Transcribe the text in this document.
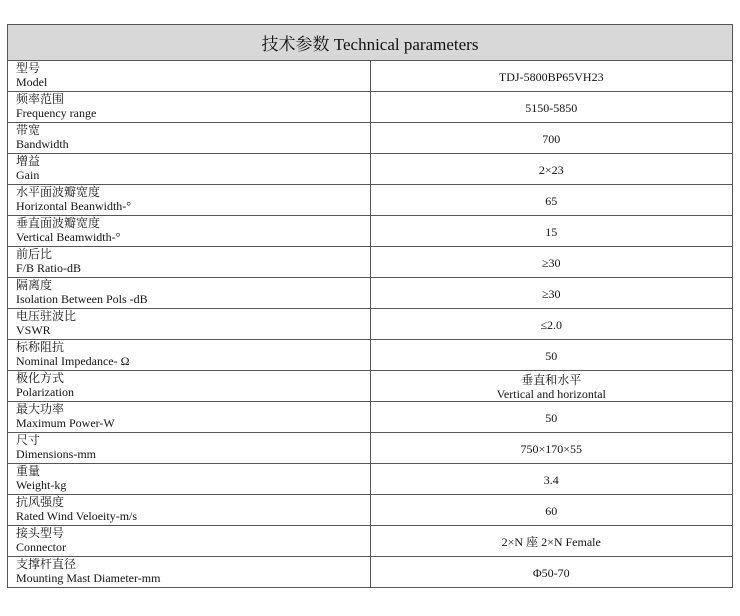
技术参数 Technical parameters	

型号
Model	TDJ-5800BP65VH23

频率范围
Frequency range	5150-5850

带宽
Bandwidth	700

增益
Gain	2×23

水平面波瓣宽度
Horizontal Beanwidth-°	65

垂直面波瓣宽度
Vertical Beamwidth-°	15

前后比
F/B Ratio-dB	≥30

隔离度
Isolation Between Pols -dB	≥30

电压驻波比
VSWR	≤2.0

标称阻抗
Nominal Impedance- Ω	50

极化方式
Polarization	垂直和水平
Vertical and horizontal

最大功率
Maximum Power-W	50

尺寸
Dimensions-mm	750×170×55

重量
Weight-kg	3.4

抗风强度
Rated Wind Veloeity-m/s	60

接头型号
Connector	2×N 座 2×N Female

支撑杆直径
Mounting Mast Diameter-mm	Φ50-70
